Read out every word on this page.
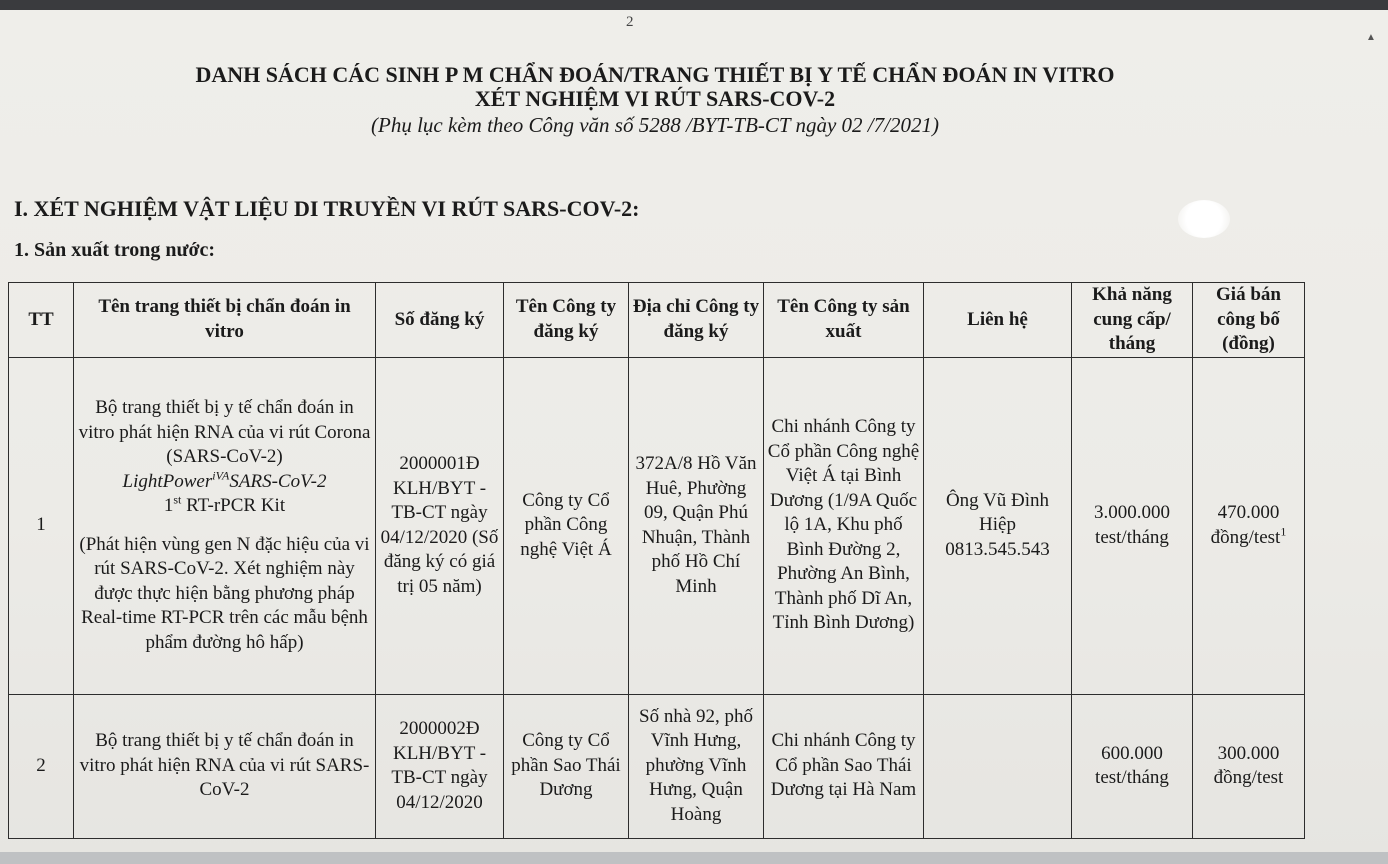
2
▲
DANH SÁCH CÁC SINH P M CHẨN ĐOÁN/TRANG THIẾT BỊ Y TẾ CHẨN ĐOÁN IN VITRO
XÉT NGHIỆM VI RÚT SARS-COV-2
(Phụ lục kèm theo Công văn số 5288 /BYT-TB-CT ngày 02 /7/2021)
I. XÉT NGHIỆM VẬT LIỆU DI TRUYỀN VI RÚT SARS-COV-2:
1. Sản xuất trong nước:
TT	Tên trang thiết bị chẩn đoán in vitro	Số đăng ký	Tên Công ty đăng ký	Địa chỉ Công ty đăng ký	Tên Công ty sản xuất	Liên hệ	Khả năng cung cấp/ tháng	Giá bán công bố (đồng)
1	Bộ trang thiết bị y tế chẩn đoán in vitro phát hiện RNA của vi rút Corona (SARS-CoV-2)
LightPower$^{iVA}$SARS-CoV-2
1st RT-rPCR Kit
(Phát hiện vùng gen N đặc hiệu của vi rút SARS-CoV-2. Xét nghiệm này được thực hiện bằng phương pháp Real-time RT-PCR trên các mẫu bệnh phẩm đường hô hấp)	2000001Đ KLH/BYT -TB-CT ngày 04/12/2020 (Số đăng ký có giá trị 05 năm)	Công ty Cổ phần Công nghệ Việt Á	372A/8 Hồ Văn Huê, Phường 09, Quận Phú Nhuận, Thành phố Hồ Chí Minh	Chi nhánh Công ty Cổ phần Công nghệ Việt Á tại Bình Dương (1/9A Quốc lộ 1A, Khu phố Bình Đường 2, Phường An Bình, Thành phố Dĩ An, Tỉnh Bình Dương)	Ông Vũ Đình Hiệp 0813.545.543	3.000.000 test/tháng	470.000 đồng/test$^1$
2	Bộ trang thiết bị y tế chẩn đoán in vitro phát hiện RNA của vi rút SARS-CoV-2	2000002Đ KLH/BYT -TB-CT ngày 04/12/2020	Công ty Cổ phần Sao Thái Dương	Số nhà 92, phố Vĩnh Hưng, phường Vĩnh Hưng, Quận Hoàng	Chi nhánh Công ty Cổ phần Sao Thái Dương tại Hà Nam		600.000 test/tháng	300.000 đồng/test
